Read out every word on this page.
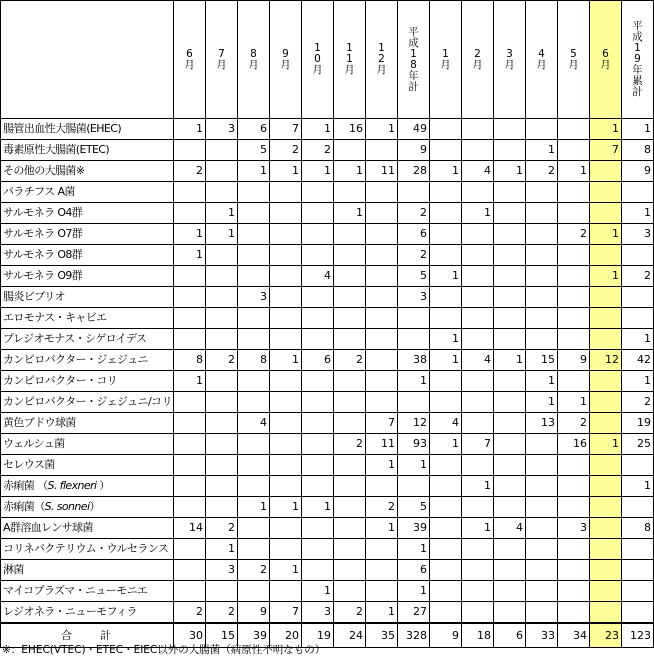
	6月	7月	8月	9月	10月	11月	12月	平成18年計	1月	2月	3月	4月	5月	6月	平成19年累計
腸管出血性大腸菌(EHEC)	1	3	6	7	1	16	1	49						1	1
毒素原性大腸菌(ETEC)			5	2	2			9				1		7	8
その他の大腸菌※	2		1	1	1	1	11	28	1	4	1	2	1		9
パラチフス A菌															
サルモネラ O4群		1				1		2		1					1
サルモネラ O7群	1	1						6					2	1	3
サルモネラ O8群	1							2							
サルモネラ O9群					4			5	1					1	2
腸炎ビブリオ			3					3							
エロモナス・キャビエ															
プレジオモナス・シゲロイデス									1						1
カンピロバクター・ジェジュニ	8	2	8	1	6	2		38	1	4	1	15	9	12	42
カンピロバクター・コリ	1							1				1			1
カンピロバクター・ジェジュニ/コリ												1	1		2
黄色ブドウ球菌			4				7	12	4			13	2		19
ウェルシュ菌						2	11	93	1	7			16	1	25
セレウス菌							1	1							
赤痢菌 （S. flexneri ）										1					1
赤痢菌（S. sonnei）			1	1	1		2	5							
A群溶血レンサ球菌	14	2					1	39		1	4		3		8
コリネバクテリウム・ウルセランス		1						1							
淋菌		3	2	1				6							
マイコプラズマ・ニューモニエ					1			1							
レジオネラ・ニューモフィラ	2	2	9	7	3	2	1	27							
合　　計	30	15	39	20	19	24	35	328	9	18	6	33	34	23	123
※：EHEC(VTEC)・ETEC・EIEC以外の大腸菌（病原性不明なもの）
